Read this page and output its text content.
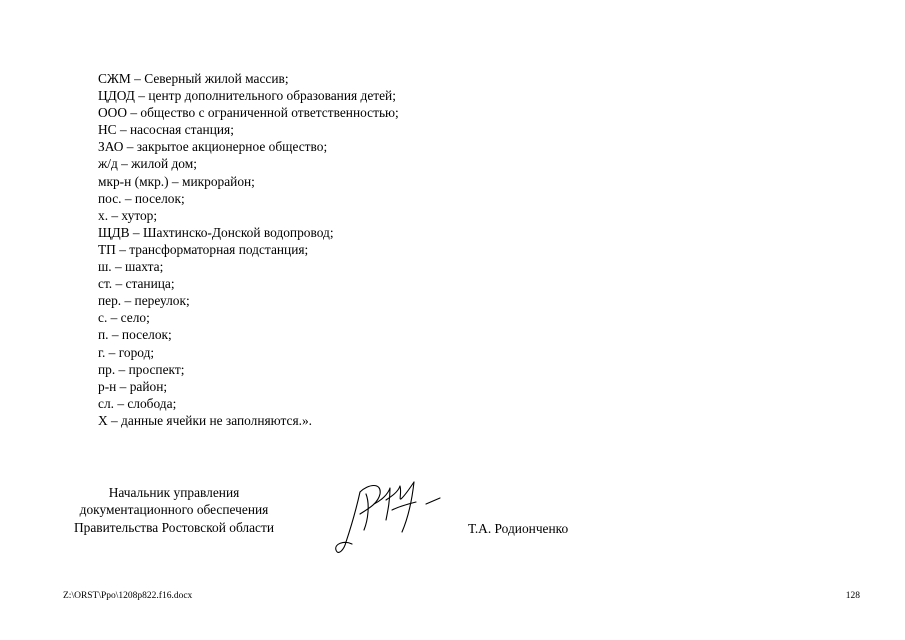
СЖМ – Северный жилой массив;
ЦДОД – центр дополнительного образования детей;
ООО – общество с ограниченной ответственностью;
НС – насосная станция;
ЗАО – закрытое акционерное общество;
ж/д – жилой дом;
мкр-н (мкр.) – микрорайон;
пос. – поселок;
х. – хутор;
ЩДВ – Шахтинско-Донской водопровод;
ТП – трансформаторная подстанция;
ш. – шахта;
ст. – станица;
пер. – переулок;
с. – село;
п. – поселок;
г. – город;
пр. – проспект;
р-н – район;
сл. – слобода;
Х – данные ячейки не заполняются.».
Начальник управления
документационного обеспечения
Правительства Ростовской области	Т.А. Родионченко
Z:\ORST\Ppo\1208p822.f16.docx	128
